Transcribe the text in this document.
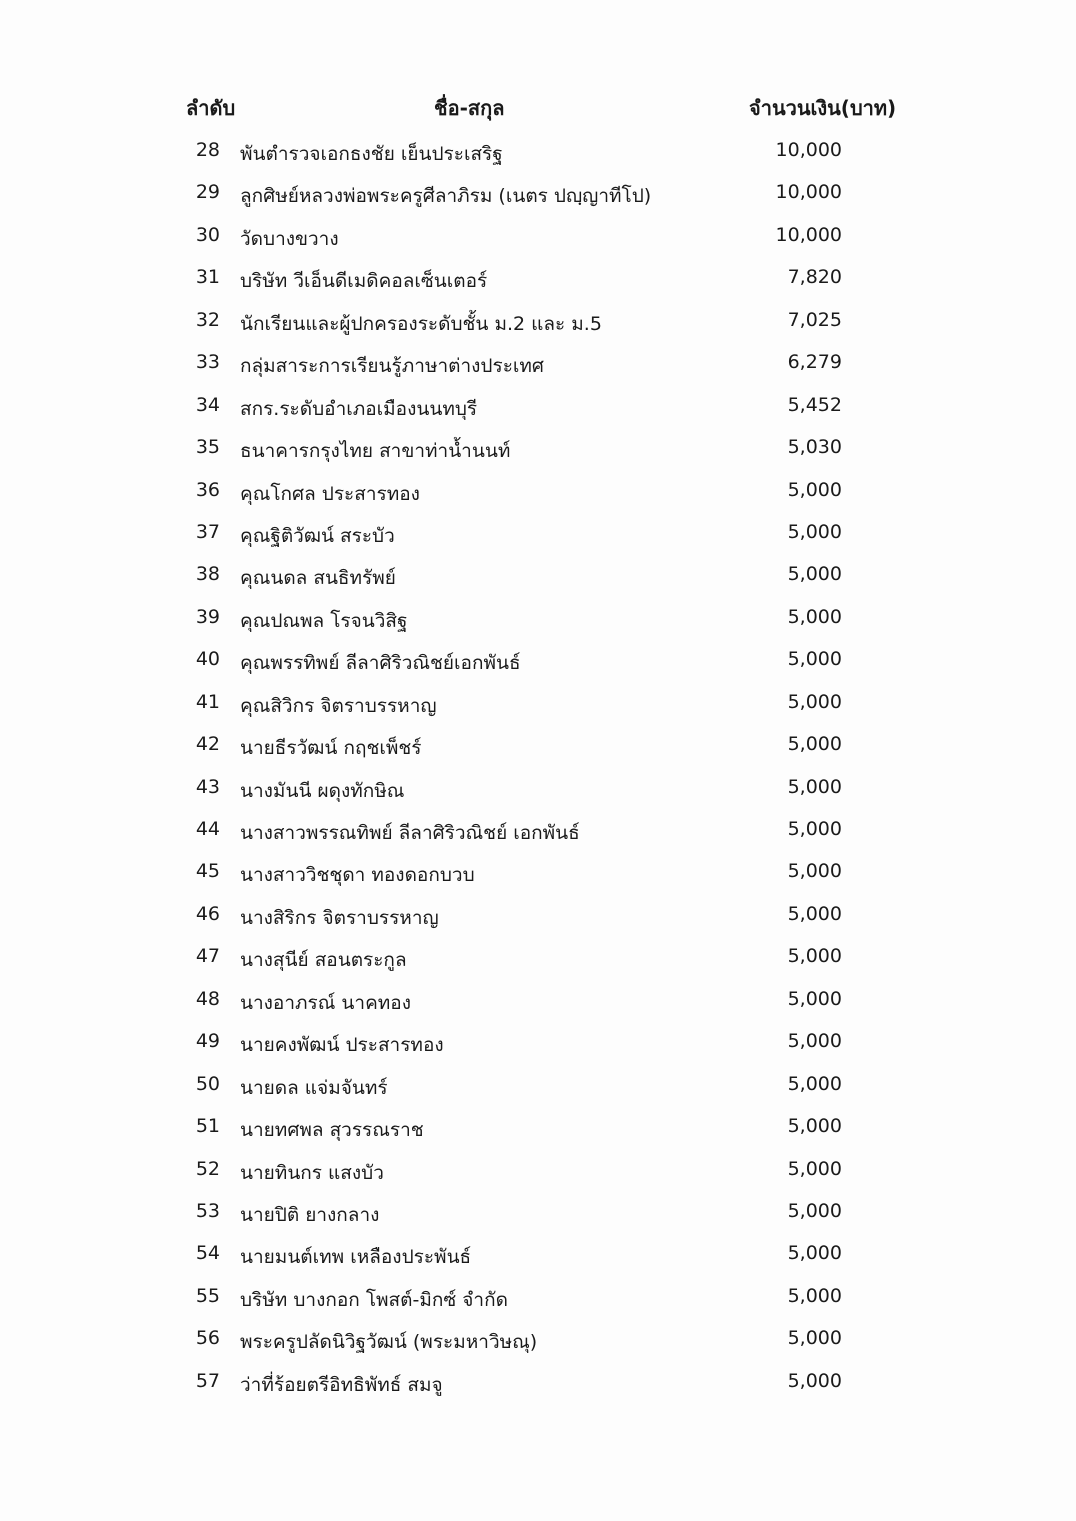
ลำดับ	ชื่อ-สกุล	จำนวนเงิน(บาท)
28 พันตำรวจเอกธงชัย เย็นประเสริฐ	10,000
29 ลูกศิษย์หลวงพ่อพระครูศีลาภิรม (เนตร ปญฺญาทีโป)	10,000
30 วัดบางขวาง	10,000
31 บริษัท วีเอ็นดีเมดิคอลเซ็นเตอร์	7,820
32 นักเรียนและผู้ปกครองระดับชั้น ม.2 และ ม.5	7,025
33 กลุ่มสาระการเรียนรู้ภาษาต่างประเทศ	6,279
34 สกร.ระดับอำเภอเมืองนนทบุรี	5,452
35 ธนาคารกรุงไทย สาขาท่าน้ำนนท์	5,030
36 คุณโกศล ประสารทอง	5,000
37 คุณฐิติวัฒน์ สระบัว	5,000
38 คุณนดล สนธิทรัพย์	5,000
39 คุณปณพล โรจนวิสิฐ	5,000
40 คุณพรรทิพย์ ลีลาศิริวณิชย์เอกพันธ์	5,000
41 คุณสิวิกร จิตราบรรหาญ	5,000
42 นายธีรวัฒน์ กฤชเพ็ชร์	5,000
43 นางมันนี ผดุงทักษิณ	5,000
44 นางสาวพรรณทิพย์ ลีลาศิริวณิชย์ เอกพันธ์	5,000
45 นางสาววิชชุดา ทองดอกบวบ	5,000
46 นางสิริกร จิตราบรรหาญ	5,000
47 นางสุนีย์ สอนตระกูล	5,000
48 นางอาภรณ์ นาคทอง	5,000
49 นายคงพัฒน์ ประสารทอง	5,000
50 นายดล แจ่มจันทร์	5,000
51 นายทศพล สุวรรณราช	5,000
52 นายทินกร แสงบัว	5,000
53 นายปิติ ยางกลาง	5,000
54 นายมนต์เทพ เหลืองประพันธ์	5,000
55 บริษัท บางกอก โพสต์-มิกซ์ จำกัด	5,000
56 พระครูปลัดนิวิฐวัฒน์ (พระมหาวิษณุ)	5,000
57 ว่าที่ร้อยตรีอิทธิพัทธ์ สมจู	5,000
